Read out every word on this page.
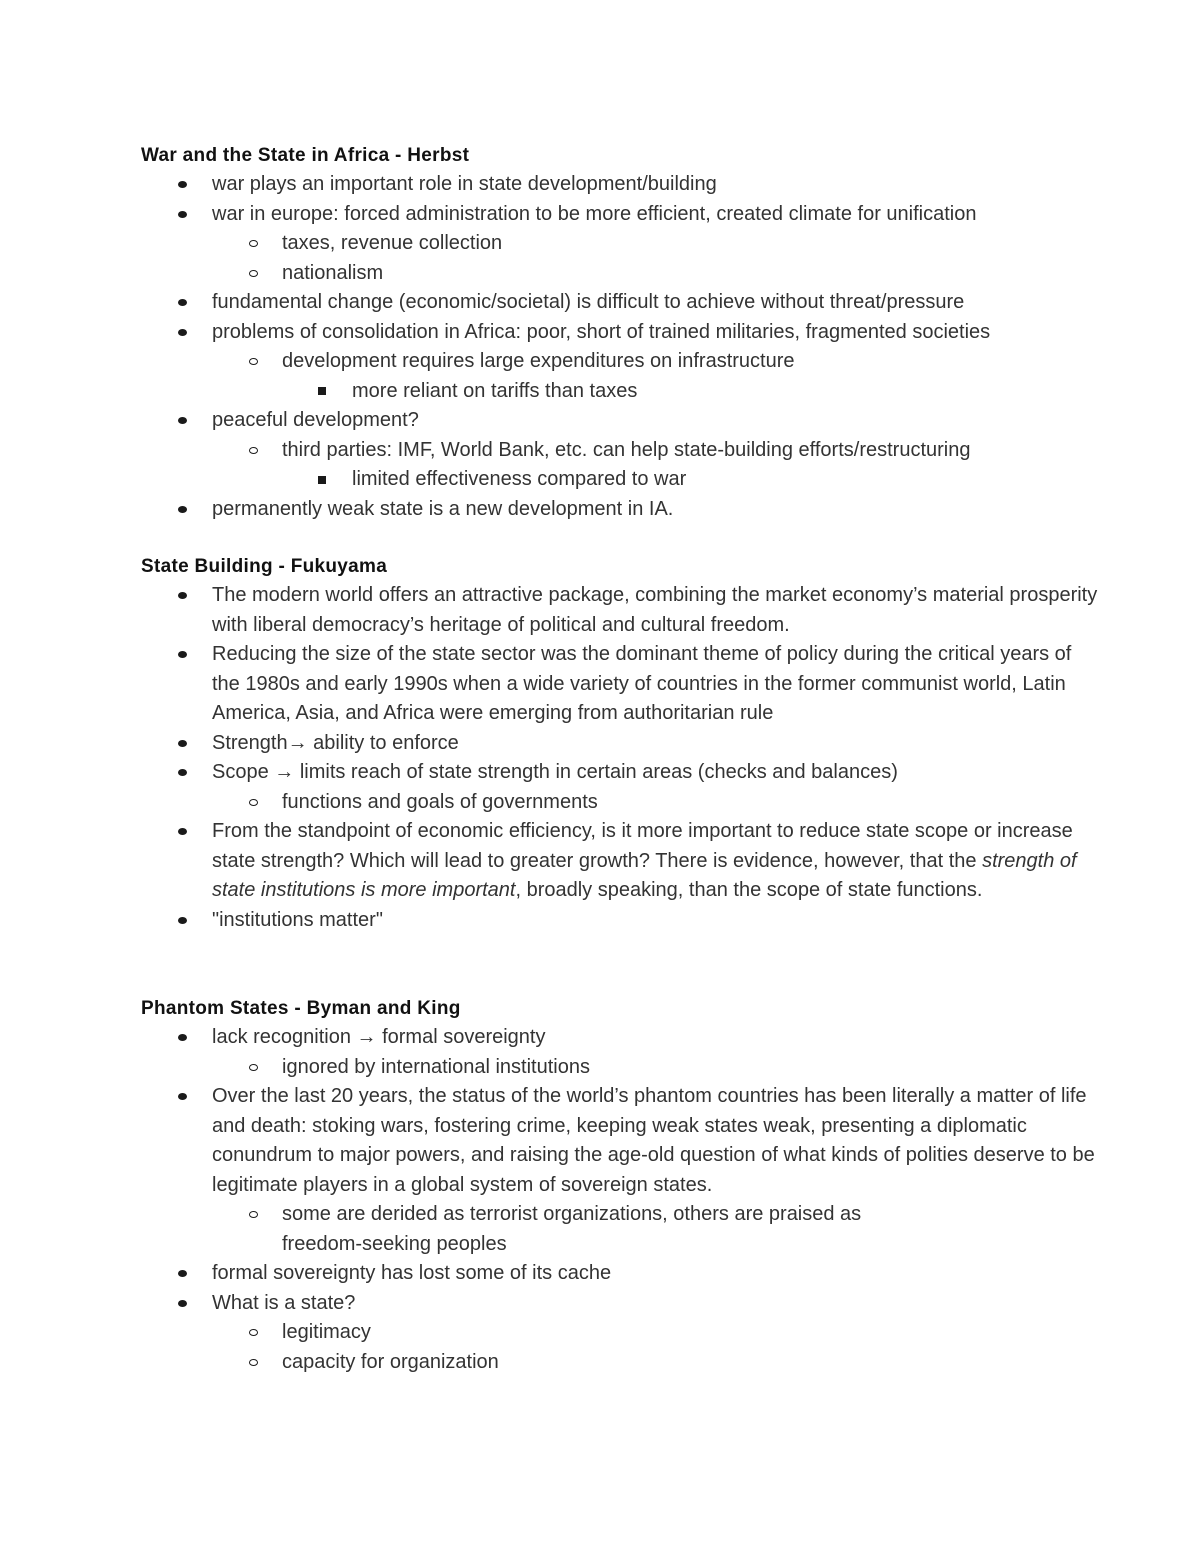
War and the State in Africa - Herbst
war plays an important role in state development/building
war in europe: forced administration to be more efficient, created climate for unification
taxes, revenue collection
nationalism
fundamental change (economic/societal) is difficult to achieve without threat/pressure
problems of consolidation in Africa: poor, short of trained militaries, fragmented societies
development requires large expenditures on infrastructure
more reliant on tariffs than taxes
peaceful development?
third parties: IMF, World Bank, etc. can help state-building efforts/restructuring
limited effectiveness compared to war
permanently weak state is a new development in IA.
State Building - Fukuyama
The modern world offers an attractive package, combining the market economy’s material prosperity with liberal democracy’s heritage of political and cultural freedom.
Reducing the size of the state sector was the dominant theme of policy during the critical years of the 1980s and early 1990s when a wide variety of countries in the former communist world, Latin America, Asia, and Africa were emerging from authoritarian rule
Strength→ ability to enforce
Scope → limits reach of state strength in certain areas (checks and balances)
functions and goals of governments
From the standpoint of economic efficiency, is it more important to reduce state scope or increase state strength? Which will lead to greater growth? There is evidence, however, that the strength of state institutions is more important, broadly speaking, than the scope of state functions.
"institutions matter"
Phantom States - Byman and King
lack recognition → formal sovereignty
ignored by international institutions
Over the last 20 years, the status of the world’s phantom countries has been literally a matter of life and death: stoking wars, fostering crime, keeping weak states weak, presenting a diplomatic conundrum to major powers, and raising the age-old question of what kinds of polities deserve to be legitimate players in a global system of sovereign states.
some are derided as terrorist organizations, others are praised as freedom-seeking peoples
formal sovereignty has lost some of its cache
What is a state?
legitimacy
capacity for organization
